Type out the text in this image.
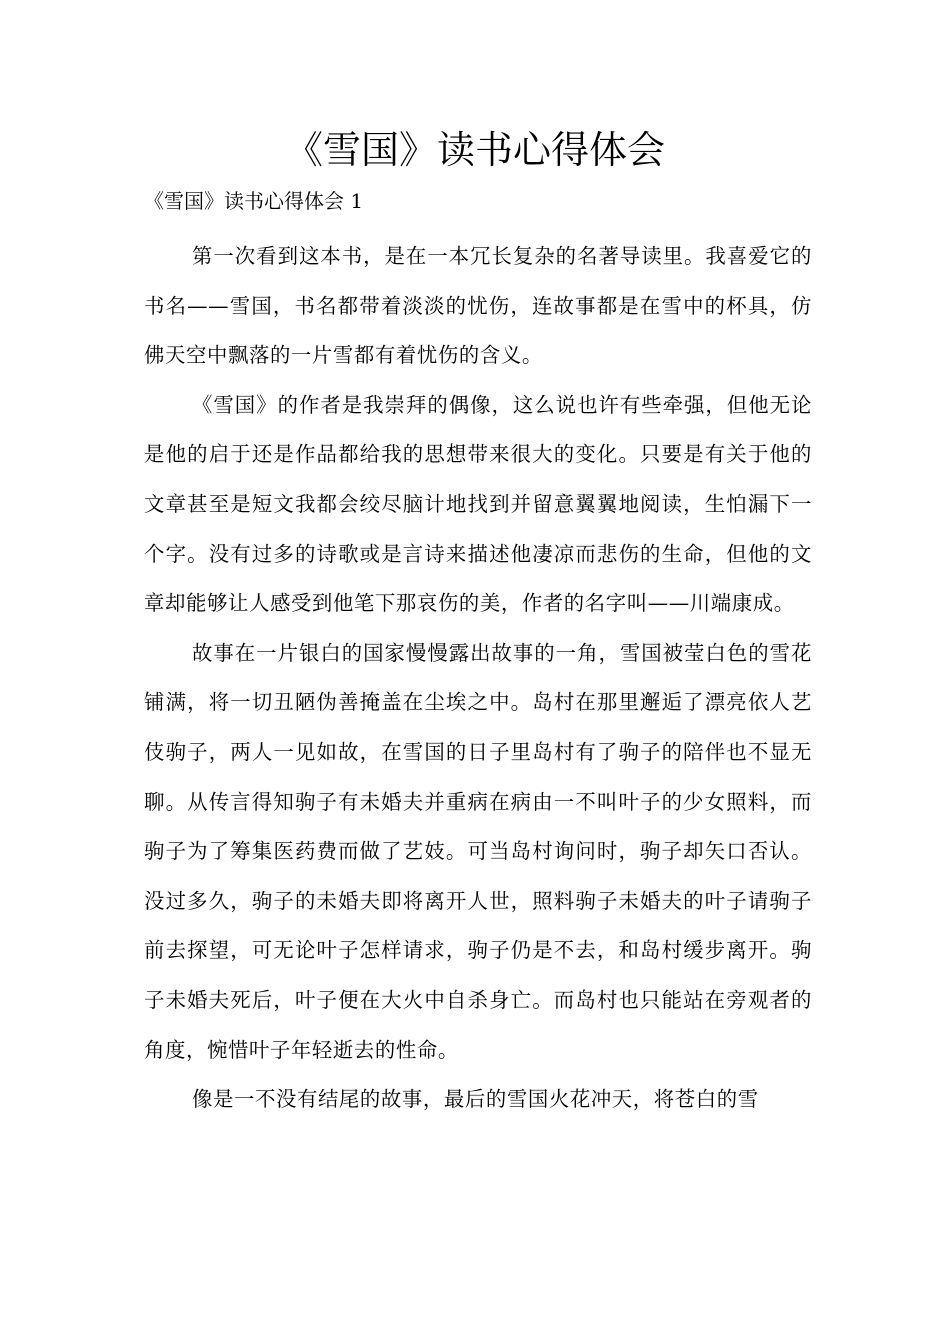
《雪国》读书心得体会

《雪国》读书心得体会 1

第一次看到这本书，是在一本冗长复杂的名著导读里。我喜爱它的书名——雪国，书名都带着淡淡的忧伤，连故事都是在雪中的杯具，仿佛天空中飘落的一片雪都有着忧伤的含义。

《雪国》的作者是我崇拜的偶像，这么说也许有些牵强，但他无论是他的启于还是作品都给我的思想带来很大的变化。只要是有关于他的文章甚至是短文我都会绞尽脑计地找到并留意翼翼地阅读，生怕漏下一个字。没有过多的诗歌或是言诗来描述他凄凉而悲伤的生命，但他的文章却能够让人感受到他笔下那哀伤的美，作者的名字叫——川端康成。

故事在一片银白的国家慢慢露出故事的一角，雪国被莹白色的雪花铺满，将一切丑陋伪善掩盖在尘埃之中。岛村在那里邂逅了漂亮依人艺伎驹子，两人一见如故，在雪国的日子里岛村有了驹子的陪伴也不显无聊。从传言得知驹子有未婚夫并重病在病由一不叫叶子的少女照料，而驹子为了筹集医药费而做了艺妓。可当岛村询问时，驹子却矢口否认。没过多久，驹子的未婚夫即将离开人世，照料驹子未婚夫的叶子请驹子前去探望，可无论叶子怎样请求，驹子仍是不去，和岛村缓步离开。驹子未婚夫死后，叶子便在大火中自杀身亡。而岛村也只能站在旁观者的角度，惋惜叶子年轻逝去的性命。

像是一不没有结尾的故事，最后的雪国火花冲天，将苍白的雪
